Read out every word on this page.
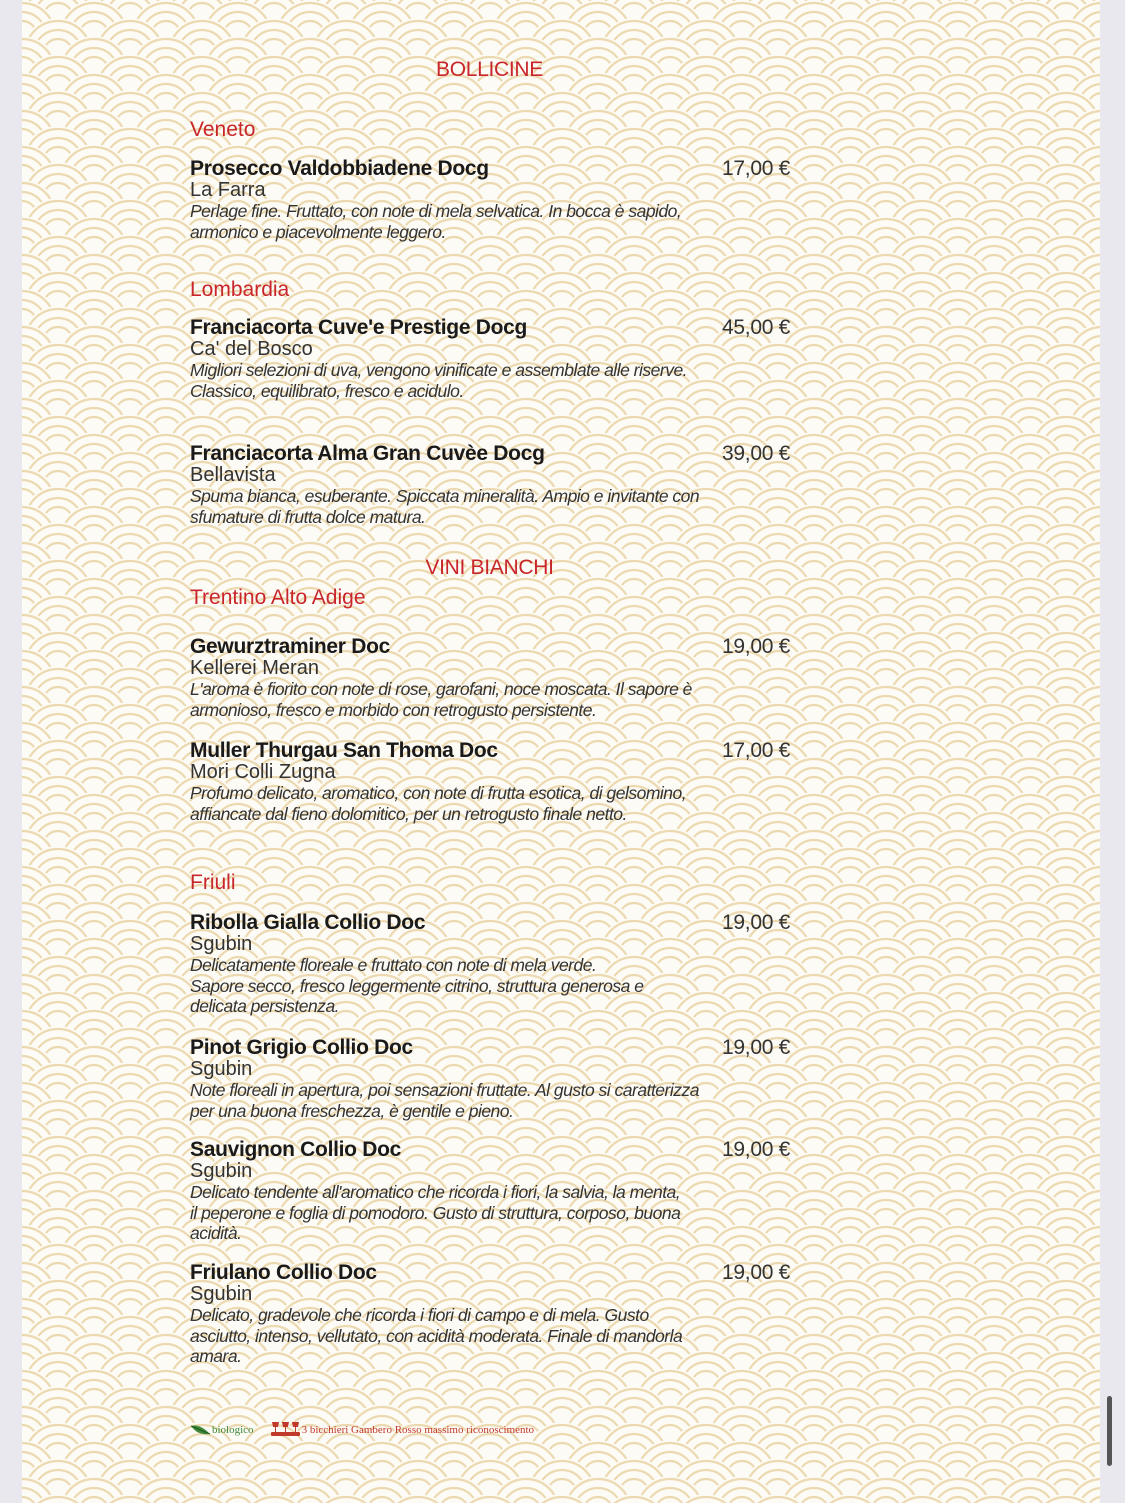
BOLLICINE
Veneto
Prosecco Valdobbiadene Docg	17,00 €
La Farra
Perlage fine. Fruttato, con note di mela selvatica. In bocca è sapido,
armonico e piacevolmente leggero.
Lombardia
Franciacorta Cuve'e Prestige Docg	45,00 €
Ca' del Bosco
Migliori selezioni di uva, vengono vinificate e assemblate alle riserve.
Classico, equilibrato, fresco e acidulo.
Franciacorta Alma Gran Cuvèe Docg	39,00 €
Bellavista
Spuma bianca, esuberante. Spiccata mineralità. Ampio e invitante con
sfumature di frutta dolce matura.
VINI BIANCHI
Trentino Alto Adige
Gewurztraminer Doc	19,00 €
Kellerei Meran
L'aroma è fiorito con note di rose, garofani, noce moscata. Il sapore è
armonioso, fresco e morbido con retrogusto persistente.
Muller Thurgau San Thoma Doc	17,00 €
Mori Colli Zugna
Profumo delicato, aromatico, con note di frutta esotica, di gelsomino,
affiancate dal fieno dolomitico, per un retrogusto finale netto.
Friuli
Ribolla Gialla Collio Doc	19,00 €
Sgubin
Delicatamente floreale e fruttato con note di mela verde.
Sapore secco, fresco leggermente citrino, struttura generosa e
delicata persistenza.
Pinot Grigio Collio Doc	19,00 €
Sgubin
Note floreali in apertura, poi sensazioni fruttate. Al gusto si caratterizza
per una buona freschezza, è gentile e pieno.
Sauvignon Collio Doc	19,00 €
Sgubin
Delicato tendente all'aromatico che ricorda i fiori, la salvia, la menta,
il peperone e foglia di pomodoro. Gusto di struttura, corposo, buona
acidità.
Friulano Collio Doc	19,00 €
Sgubin
Delicato, gradevole che ricorda i fiori di campo e di mela. Gusto
asciutto, intenso, vellutato, con acidità moderata. Finale di mandorla
amara.
biologico	3 bicchieri Gambero Rosso massimo riconoscimento
